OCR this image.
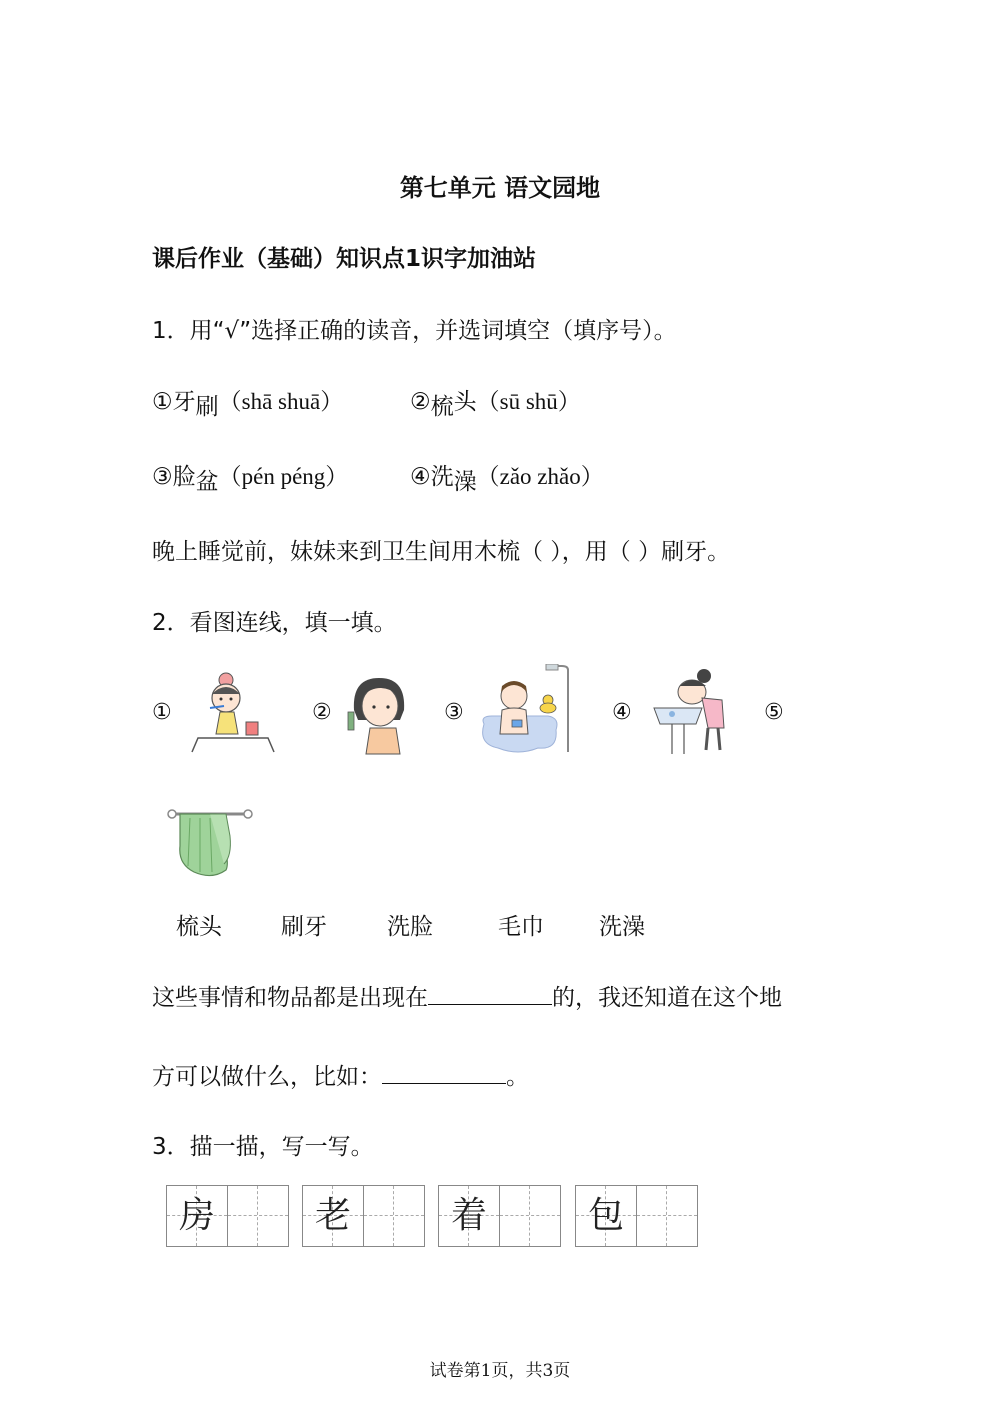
第七单元 语文园地
课后作业（基础）知识点1识字加油站
1．用“√”选择正确的读音，并选词填空（填序号）。
①牙刷（shā shuā）	②梳头（sū shū）
③脸盆（pén péng）	④洗澡（zǎo zhǎo）
晚上睡觉前，妹妹来到卫生间用木梳（ ），用（ ）刷牙。
2．看图连线，填一填。
①	②	③	④	⑤
梳头	刷牙	洗脸	毛巾 洗澡
这些事情和物品都是出现在	的，我还知道在这个地
方可以做什么，比如：	。
3．描一描，写一写。
房	老	着	包
试卷第1页，共3页
